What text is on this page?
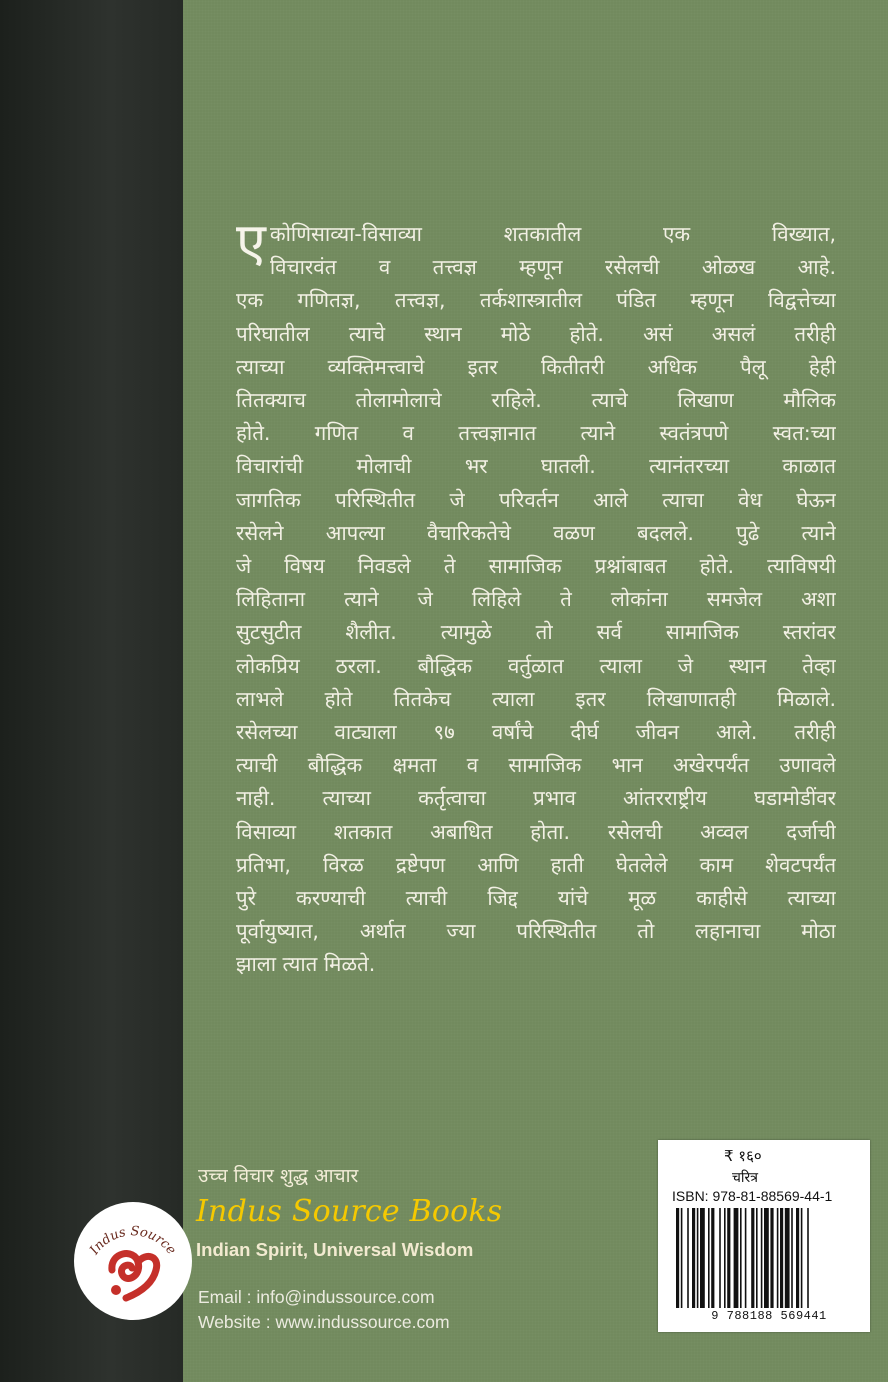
ए कोणिसाव्या-विसाव्या शतकातील एक विख्यात,
विचारवंत व तत्त्वज्ञ म्हणून रसेलची ओळख आहे.
एक गणितज्ञ, तत्त्वज्ञ, तर्कशास्त्रातील पंडित म्हणून विद्वत्तेच्या
परिघातील त्याचे स्थान मोठे होते. असं असलं तरीही
त्याच्या व्यक्तिमत्त्वाचे इतर कितीतरी अधिक पैलू हेही
तितक्याच तोलामोलाचे राहिले. त्याचे लिखाण मौलिक
होते. गणित व तत्त्वज्ञानात त्याने स्वतंत्रपणे स्वत:च्या
विचारांची मोलाची भर घातली. त्यानंतरच्या काळात
जागतिक परिस्थितीत जे परिवर्तन आले त्याचा वेध घेऊन
रसेलने आपल्या वैचारिकतेचे वळण बदलले. पुढे त्याने
जे विषय निवडले ते सामाजिक प्रश्नांबाबत होते. त्याविषयी
लिहिताना त्याने जे लिहिले ते लोकांना समजेल अशा
सुटसुटीत शैलीत. त्यामुळे तो सर्व सामाजिक स्तरांवर
लोकप्रिय ठरला. बौद्धिक वर्तुळात त्याला जे स्थान तेव्हा
लाभले होते तितकेच त्याला इतर लिखाणातही मिळाले.
रसेलच्या वाट्याला ९७ वर्षांचे दीर्घ जीवन आले. तरीही
त्याची बौद्धिक क्षमता व सामाजिक भान अखेरपर्यंत उणावले
नाही. त्याच्या कर्तृत्वाचा प्रभाव आंतरराष्ट्रीय घडामोडींवर
विसाव्या शतकात अबाधित होता. रसेलची अव्वल दर्जाची
प्रतिभा, विरळ द्रष्टेपण आणि हाती घेतलेले काम शेवटपर्यंत
पुरे करण्याची त्याची जिद्द यांचे मूळ काहीसे त्याच्या
पूर्वायुष्यात, अर्थात ज्या परिस्थितीत तो लहानाचा मोठा
झाला त्यात मिळते.
Indus Source
उच्च विचार शुद्ध आचार
Indus Source Books
Indian Spirit, Universal Wisdom
Email : info@indussource.com
Website : www.indussource.com
₹ १६०
चरित्र
ISBN: 978-81-88569-44-1
9 788188 569441
